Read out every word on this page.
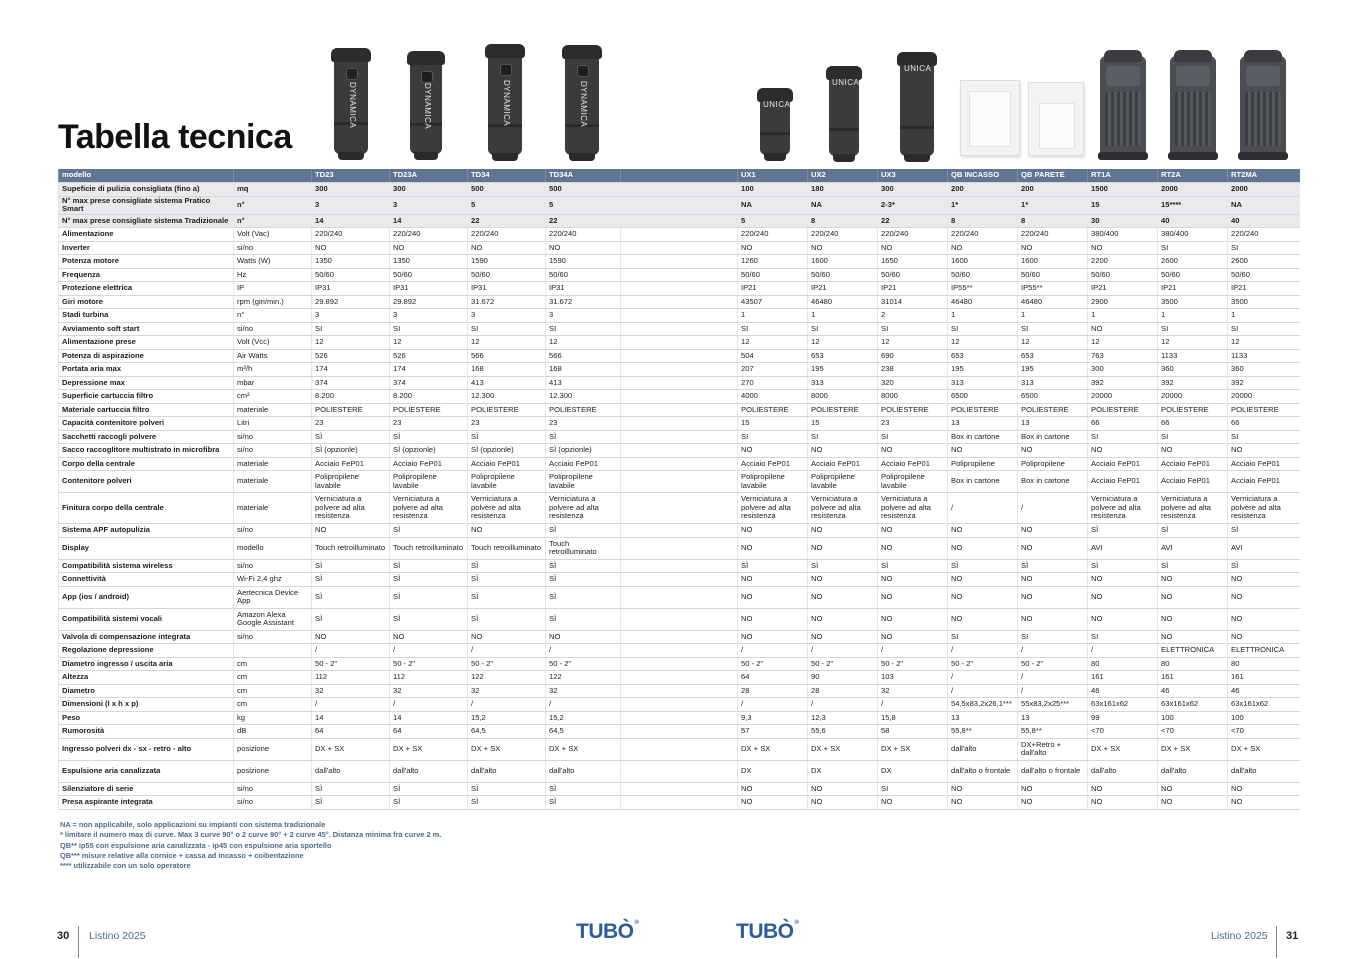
Tabella tecnica
DYNAMICA	DYNAMICA	DYNAMICA	DYNAMICA	UNICA
UNICA
UNICA
modello		TD23	TD23A	TD34	TD34A		UX1	UX2	UX3	QB INCASSO	QB PARETE	RT1A	RT2A	RT2MA
Supeficie di pulizia consigliata (fino a)	mq	300	300	500	500		100	180	300	200	200	1500	2000	2000
N° max prese consigliate sistema Pratico Smart	n°	3	3	5	5		NA	NA	2-3*	1*	1*	15	15****	NA
N° max prese consigliate sistema Tradizionale	n°	14	14	22	22		5	8	22	8	8	30	40	40
Alimentazione	Volt (Vac)	220/240	220/240	220/240	220/240		220/240	220/240	220/240	220/240	220/240	380/400	380/400	220/240
Inverter	si/no	NO	NO	NO	NO		NO	NO	NO	NO	NO	NO	SI	SI
Potenza motore	Watts (W)	1350	1350	1590	1590		1260	1600	1650	1600	1600	2200	2600	2600
Frequenza	Hz	50/60	50/60	50/60	50/60		50/60	50/60	50/60	50/60	50/60	50/60	50/60	50/60
Protezione elettrica	IP	IP31	IP31	IP31	IP31		IP21	IP21	IP21	IP55**	IP55**	IP21	IP21	IP21
Giri motore	rpm (giri/min.)	29.892	29.892	31.672	31.672		43507	46480	31014	46480	46480	2900	3500	3500
Stadi turbina	n°	3	3	3	3		1	1	2	1	1	1	1	1
Avviamento soft start	si/no	SI	SI	SI	SI		SI	SI	SI	SI	SI	NO	SI	SI
Alimentazione prese	Volt (Vcc)	12	12	12	12		12	12	12	12	12	12	12	12
Potenza di aspirazione	Air Watts	526	526	566	566		504	653	690	653	653	763	1133	1133
Portata aria max	m³/h	174	174	168	168		207	195	238	195	195	300	360	360
Depressione max	mbar	374	374	413	413		270	313	320	313	313	392	392	392
Superficie cartuccia filtro	cm²	8.200	8.200	12.300	12.300		4000	8000	8000	6500	6500	20000	20000	20000
Materiale cartuccia filtro	materiale	POLIESTERE	POLIESTERE	POLIESTERE	POLIESTERE		POLIESTERE	POLIESTERE	POLIESTERE	POLIESTERE	POLIESTERE	POLIESTERE	POLIESTERE	POLIESTERE
Capacità contenitore polveri	Litri	23	23	23	23		15	15	23	13	13	66	66	66
Sacchetti raccogli polvere	si/no	SÌ	SÌ	SÌ	SÌ		SI	SI	SI	Box in cartone	Box in cartone	SI	SI	SI
Sacco raccoglitore multistrato in microfibra	si/no	SÌ (opzionle)	SÌ (opzionle)	SÌ (opzionle)	SÌ (opzionle)		NO	NO	NO	NO	NO	NO	NO	NO
Corpo della centrale	materiale	Acciaio FeP01	Acciaio FeP01	Acciaio FeP01	Acciaio FeP01		Acciaio FeP01	Acciaio FeP01	Acciaio FeP01	Polipropilene	Polipropilene	Acciaio FeP01	Acciaio FeP01	Acciaio FeP01
Contenitore polveri	materiale	Polipropilene lavabile	Polipropilene lavabile	Polipropilene lavabile	Polipropilene lavabile		Polipropilene lavabile	Polipropilene lavabile	Polipropilene lavabile	Box in cartone	Box in cartone	Acciaio FeP01	Acciaio FeP01	Acciaio FeP01
Finitura corpo della centrale	materiale	Verniciatura a polvere ad alta resistenza	Verniciatura a polvere ad alta resistenza	Verniciatura a polvere ad alta resistenza	Verniciatura a polvere ad alta resistenza		Verniciatura a polvere ad alta resistenza	Verniciatura a polvere ad alta resistenza	Verniciatura a polvere ad alta resistenza	/	/	Verniciatura a polvere ad alta resistenza	Verniciatura a polvere ad alta resistenza	Verniciatura a polvere ad alta resistenza
Sistema APF autopulizia	si/no	NO	SÌ	NO	SÌ		NO	NO	NO	NO	NO	SÌ	SÌ	SÌ
Display	modello	Touch retroilluminato	Touch retroilluminato	Touch retroilluminato	Touch retroilluminato		NO	NO	NO	NO	NO	AVI	AVI	AVI
Compatibilità sistema wireless	si/no	SÌ	SÌ	SÌ	SÌ		SÌ	SÌ	SÌ	SÌ	SÌ	SÌ	SÌ	SÌ
Connettività	Wi-Fi 2,4 ghz	SÌ	SÌ	SÌ	SÌ		NO	NO	NO	NO	NO	NO	NO	NO
App (ios / android)	Aertecnica Device App	SÌ	SÌ	SÌ	SÌ		NO	NO	NO	NO	NO	NO	NO	NO
Compatibilità sistemi vocali	Amazon Alexa Google Assistant	SÌ	SÌ	SÌ	SÌ		NO	NO	NO	NO	NO	NO	NO	NO
Valvola di compensazione integrata	si/no	NO	NO	NO	NO		NO	NO	NO	SI	SI	SI	NO	NO
Regolazione depressione		/	/	/	/		/	/	/	/	/	/	ELETTRONICA	ELETTRONICA
Diametro ingresso / uscita aria	cm	50 - 2"	50 - 2"	50 - 2"	50 - 2"		50 - 2"	50 - 2"	50 - 2"	50 - 2"	50 - 2"	80	80	80
Altezza	cm	112	112	122	122		64	90	103	/	/	161	161	161
Diametro	cm	32	32	32	32		28	28	32	/	/	46	46	46
Dimensioni (l x h x p)	cm	/	/	/	/		/	/	/	54,5x83,2x26,1***	55x83,2x25***	63x161x62	63x161x62	63x161x62
Peso	kg	14	14	15,2	15,2		9,3	12,3	15,8	13	13	99	100	100
Rumorosità	dB	64	64	64,5	64,5		57	55,6	58	55,8**	55,8**	<70	<70	<70
Ingresso polveri dx - sx - retro - alto	posizione	DX + SX	DX + SX	DX + SX	DX + SX		DX + SX	DX + SX	DX + SX	dall'alto	DX+Retro + dall'alto	DX + SX	DX + SX	DX + SX
Espulsione aria canalizzata	posizione	dall'alto	dall'alto	dall'alto	dall'alto		DX	DX	DX	dall'alto o frontale	dall'alto o frontale	dall'alto	dall'alto	dall'alto
Silenziatore di serie	si/no	SÌ	SÌ	SÌ	SÌ		NO	NO	SI	NO	NO	NO	NO	NO
Presa aspirante integrata	si/no	SÌ	SÌ	SÌ	SÌ		NO	NO	NO	NO	NO	NO	NO	NO
NA = non applicabile, solo applicazioni su impianti con sistema tradizionale
* limitare il numero max di curve. Max 3 curve 90° o 2 curve 90° + 2 curve 45°. Distanza minima fra curve 2 m.
QB** ip55 con espulsione aria canalizzata - ip45 con espulsione aria sportello
QB*** misure relative alla cornice + cassa ad incasso + coibentazione
**** utilizzabile con un solo operatore
30 Listino 2025	TUBÒ®	TUBÒ®
Listino 2025 31
